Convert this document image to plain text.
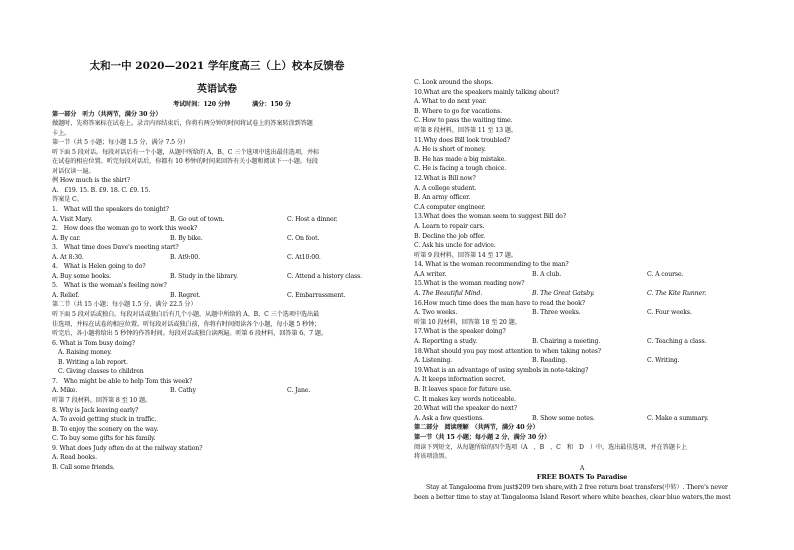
太和一中 2020—2021 学年度高三（上）校本反馈卷
英语试卷
考试时间：120 分钟	满分：150 分
第一部分　听力（共两节，满分 30 分）
做题时，先将答案标在试卷上。录音内容结束后，你将有两分钟的时间将试卷上的答案转涂到答题
卡上。
第一节（共 5 小题；每小题 1.5 分，满分 7.5 分）
听下面 5 段对话。每段对话后有一个小题，从题中所给的 A、B、C 三个选项中选出最佳选项，并标
在试卷的相应位置。听完每段对话后，你都有 10 秒钟的时间来回答有关小题和阅读下一小题。每段
对话仅读一遍。
例 How much is the shirt?
A.　£19. 15. B. £9. 18. C. £9. 15.
答案是 C。
1.　What will the speakers do tonight?
A. Visit Mary.	B. Go out of town.	C. Host a dinner.
2.　How does the woman go to work this week?
A. By car.	B. By bike.	C. On foot.
3.　What time does Dave's meeting start?
A. At 8:30.	B. At9:00.	C. At10:00.
4.　What is Helen going to do?
A. Buy some books.	B. Study in the library.	C. Attend a history class.
5.　What is the woman's feeling now?
A. Relief.	B. Regret.	C. Embarrassment.
第二节（共 15 小题；每小题 1.5 分，满分 22.5 分）
听下面 5 段对话或独白。每段对话或独白后有几个小题，从题中所给的 A、B、C 三个选项中选出最
佳选项，并标在试卷的相应位置。听每段对话或独白前，你将有时间阅读各个小题，每小题 5 秒钟；
听完后，各小题将给出 5 秒钟的作答时间。每段对话或独白读两遍。听第 6 段材料，回答第 6、7 题。
6. What is Tom busy doing?
A. Raising money.
B. Writing a lab report.
C. Giving classes to children
7.　Who might be able to help Tom this week?
A. Mike.	B. Cathy	C. Jane.
听第 7 段材料，回答第 8 至 10 题。
8. Why is Jack leaving early?
A. To avoid getting stuck in traffic.
B. To enjoy the scenery on the way.
C. To buy some gifts for his family.
9. What does Judy often do at the railway station?
A. Read books.
B. Call some friends.
C. Look around the shops.
10.What are the speakers mainly talking about?
A. What to do next year.
B. Where to go for vacations.
C. How to pass the waiting time.
听第 8 段材料，回答第 11 至 13 题。
11.Why does Bill look troubled?
A. He is short of money.
B. He has made a big mistake.
C. He is facing a tough choice.
12.What is Bill now?
A. A college student.
B. An army officer.
C.A computer engineer.
13.What does the woman seem to suggest Bill do?
A. Learn to repair cars.
B. Decline the job offer.
C. Ask his uncle for advice.
听第 9 段材料，回答第 14 至 17 题。
14. What is the woman recommending to the man?
A.A writer.	B. A club.	C. A course.
15.What is the woman reading now?
A. The Beautiful Mind.	B. The Great Gatsby.	C. The Kite Runner.
16.How much time does the man have to read the book?
A. Two weeks.	B. Three weeks.	C. Four weeks.
听第 10 段材料，回答第 18 至 20 题。
17.What is the speaker doing?
A. Reporting a study.	B. Chairing a meeting.	C. Teaching a class.
18.What should you pay most attention to when taking notes?
A. Listening.	B. Reading.	C. Writing.
19.What is an advantage of using symbols in note-taking?
A. It keeps information secret.
B. It leaves space for future use.
C. It makes key words noticeable.
20.What will the speaker do next?
A. Ask a few questions.	B. Show some notes.	C. Make a summary.
第二部分　阅读理解　（共两节，满分 40 分）
第一节（共 15 小题；每小题 2 分，满分 30 分）
阅读下列短文，从每题所给的四个选项（A　、B　、C　和　D　）中，选出最佳选项，并在答题卡上
将该项涂黑。
A
FREE BOATS To Paradise
Stay at Tangalooma from just$209 twn share,with 2 free return boat transfers(中转）. There's never
been a better time to stay at Tangalooma Island Resort where white beaches, clear blue waters,the most
